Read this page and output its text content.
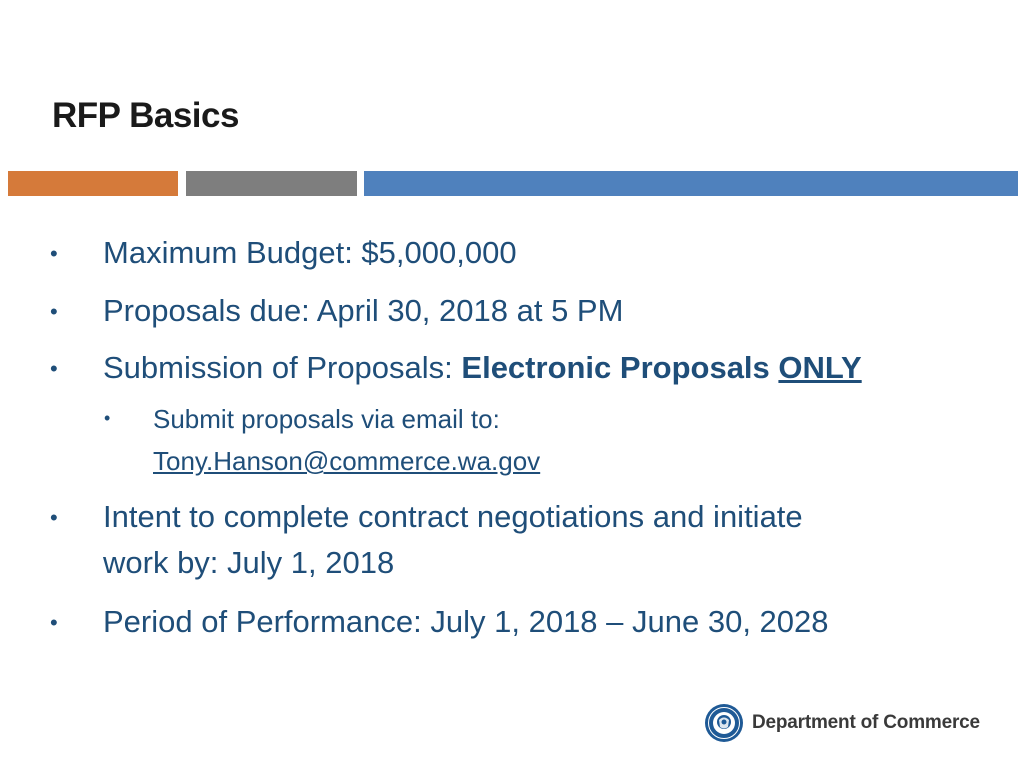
RFP Basics
• Maximum Budget: $5,000,000
• Proposals due: April 30, 2018 at 5 PM
• Submission of Proposals: Electronic Proposals ONLY
• Submit proposals via email to:
Tony.Hanson@commerce.wa.gov
• Intent to complete contract negotiations and initiate
work by: July 1, 2018
• Period of Performance: July 1, 2018 – June 30, 2028
Department of Commerce
